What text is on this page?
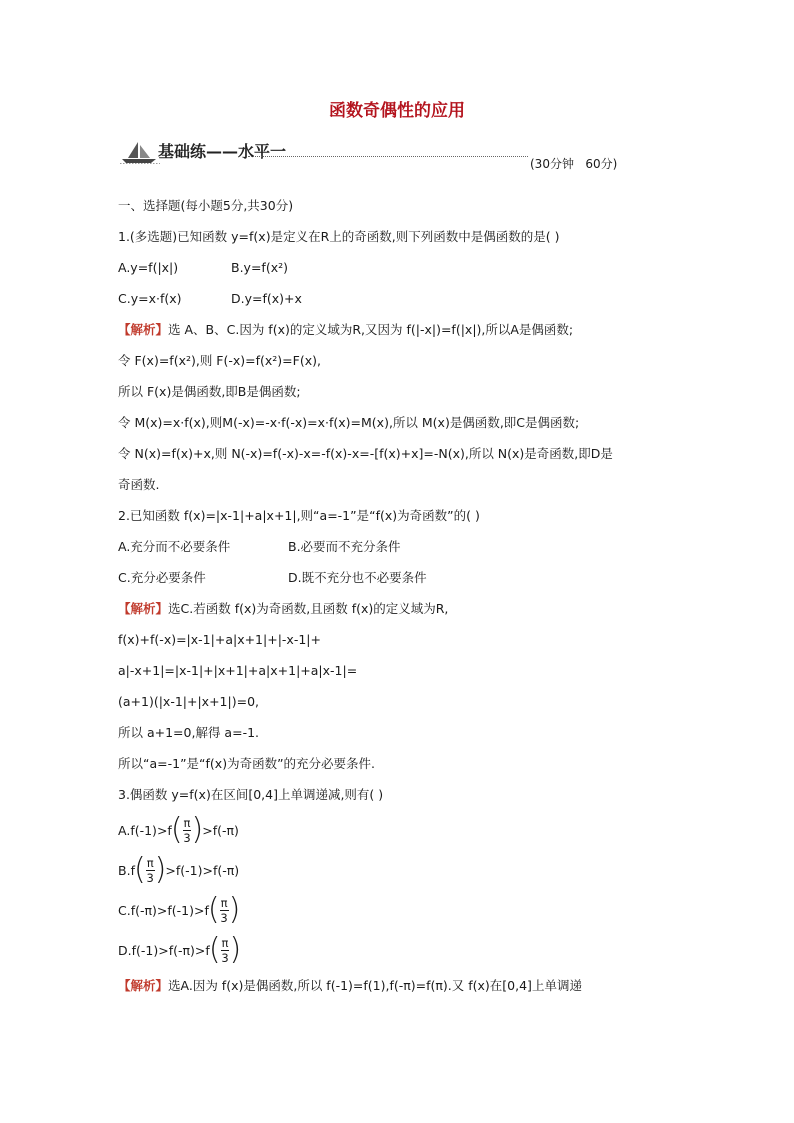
函数奇偶性的应用
基础练——水平一
(30分钟   60分)
一、选择题(每小题5分,共30分)
1.(多选题)已知函数 y=f(x)是定义在R上的奇函数,则下列函数中是偶函数的是( )
A.y=f(|x|)	B.y=f(x²)
C.y=x·f(x)	D.y=f(x)+x
【解析】选 A、B、C.因为 f(x)的定义域为R,又因为 f(|-x|)=f(|x|),所以A是偶函数;
令 F(x)=f(x²),则 F(-x)=f(x²)=F(x),
所以 F(x)是偶函数,即B是偶函数;
令 M(x)=x·f(x),则M(-x)=-x·f(-x)=x·f(x)=M(x),所以 M(x)是偶函数,即C是偶函数;
令 N(x)=f(x)+x,则 N(-x)=f(-x)-x=-f(x)-x=-[f(x)+x]=-N(x),所以 N(x)是奇函数,即D是
奇函数.
2.已知函数 f(x)=|x-1|+a|x+1|,则“a=-1”是“f(x)为奇函数”的( )
A.充分而不必要条件	B.必要而不充分条件
C.充分必要条件	D.既不充分也不必要条件
【解析】选C.若函数 f(x)为奇函数,且函数 f(x)的定义域为R,
f(x)+f(-x)=|x-1|+a|x+1|+|-x-1|+
a|-x+1|=|x-1|+|x+1|+a|x+1|+a|x-1|=
(a+1)(|x-1|+|x+1|)=0,
所以 a+1=0,解得 a=-1.
所以“a=-1”是“f(x)为奇函数”的充分必要条件.
3.偶函数 y=f(x)在区间[0,4]上单调递减,则有( )
A. f(-1) > f ( $\frac{\pi}{3}$ ) > f(-π)
B. f ( $\frac{\pi}{3}$ ) > f(-1) > f(-π)
C. f(-π) > f(-1) > f ( $\frac{\pi}{3}$ )
D. f(-1) > f(-π) > f ( $\frac{\pi}{3}$ )
【解析】选A.因为 f(x)是偶函数,所以 f(-1)=f(1),f(-π)=f(π).又 f(x)在[0,4]上单调递
